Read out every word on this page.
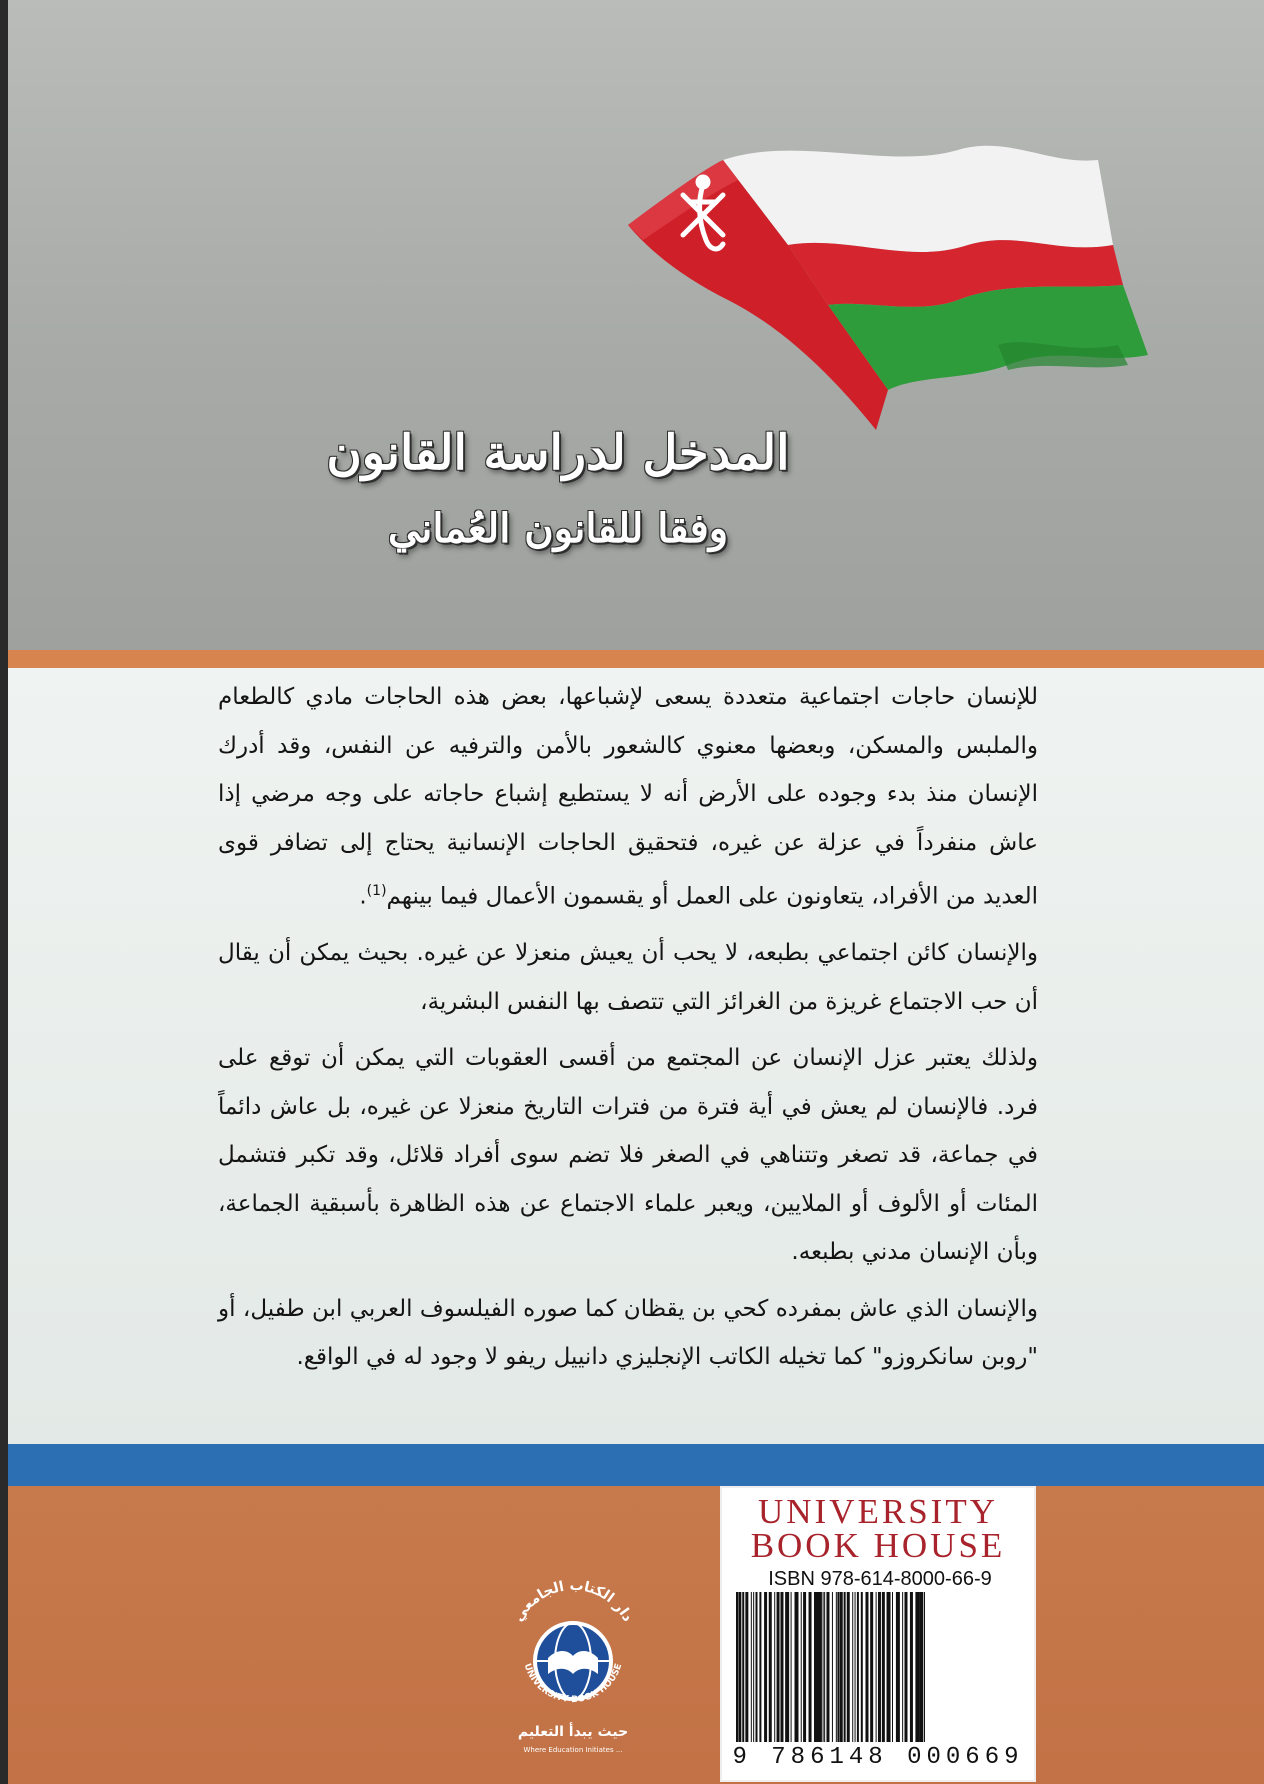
المدخل لدراسة القانون
وفقا للقانون العُماني

للإنسان حاجات اجتماعية متعددة يسعى لإشباعها، بعض هذه الحاجات مادي كالطعام والملبس والمسكن، وبعضها معنوي كالشعور بالأمن والترفيه عن النفس، وقد أدرك الإنسان منذ بدء وجوده على الأرض أنه لا يستطيع إشباع حاجاته على وجه مرضي إذا عاش منفرداً في عزلة عن غيره، فتحقيق الحاجات الإنسانية يحتاج إلى تضافر قوى العديد من الأفراد، يتعاونون على العمل أو يقسمون الأعمال فيما بينهم$^{(1)}$.

والإنسان كائن اجتماعي بطبعه، لا يحب أن يعيش منعزلا عن غيره. بحيث يمكن أن يقال أن حب الاجتماع غريزة من الغرائز التي تتصف بها النفس البشرية،

ولذلك يعتبر عزل الإنسان عن المجتمع من أقسى العقوبات التي يمكن أن توقع على فرد. فالإنسان لم يعش في أية فترة من فترات التاريخ منعزلا عن غيره، بل عاش دائماً في جماعة، قد تصغر وتتناهي في الصغر فلا تضم سوى أفراد قلائل، وقد تكبر فتشمل المئات أو الألوف أو الملايين، ويعبر علماء الاجتماع عن هذه الظاهرة بأسبقية الجماعة، وبأن الإنسان مدني بطبعه.

والإنسان الذي عاش بمفرده كحي بن يقظان كما صوره الفيلسوف العربي ابن طفيل، أو "روبن سانكروزو" كما تخيله الكاتب الإنجليزي دانييل ريفو لا وجود له في الواقع.

دار الكتاب الجامعي
UNIVERSITY BOOK HOUSE
حيث يبدأ التعليم
Where Education Initiates ...
UNIVERSITY
BOOK HOUSE
ISBN 978-614-8000-66-9
9 786148 000669
